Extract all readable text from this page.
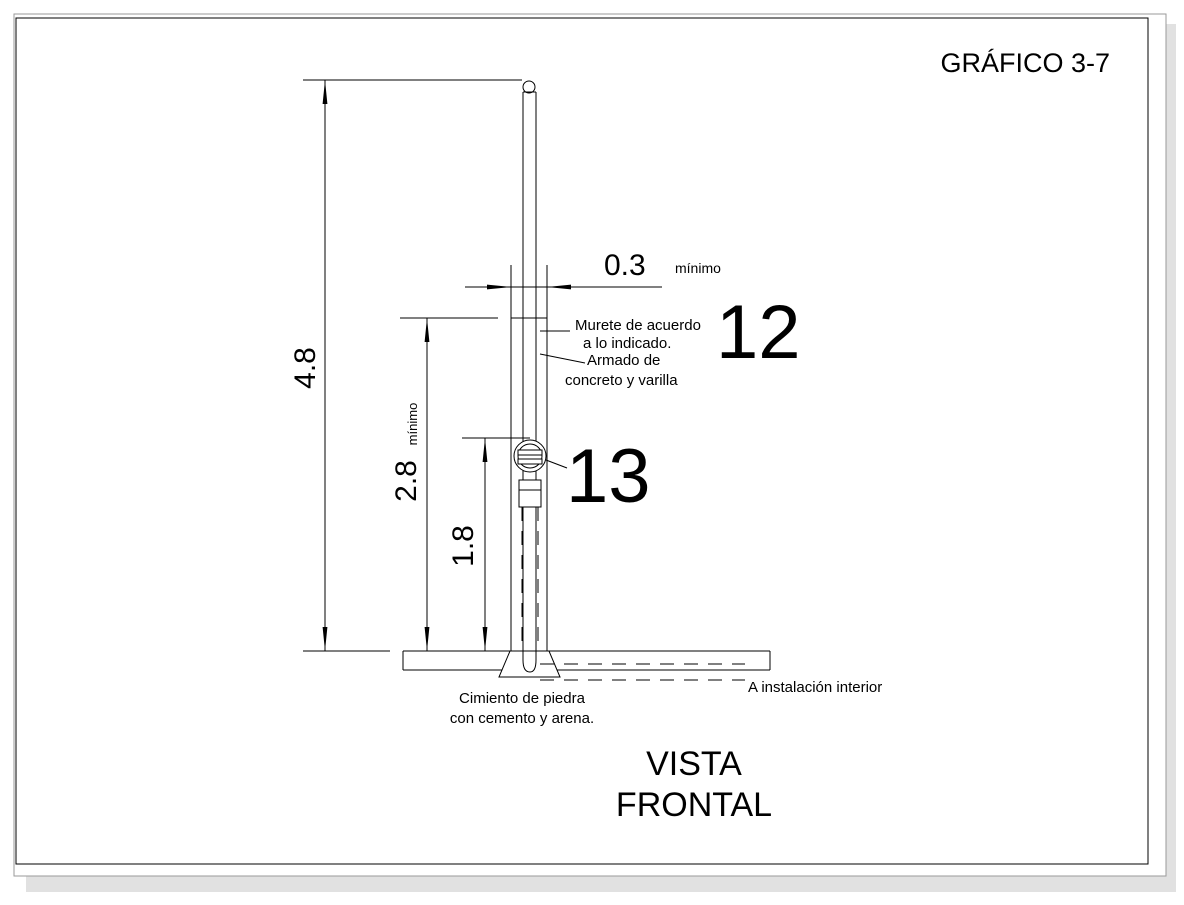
GRÁFICO 3-7
4.8
2.8
mínimo
1.8
0.3 mínimo
Murete de acuerdo
a lo indicado.
Armado de
concreto y varilla
12
13
Cimiento de piedra
con cemento y arena.
A instalación interior
VISTA
FRONTAL
